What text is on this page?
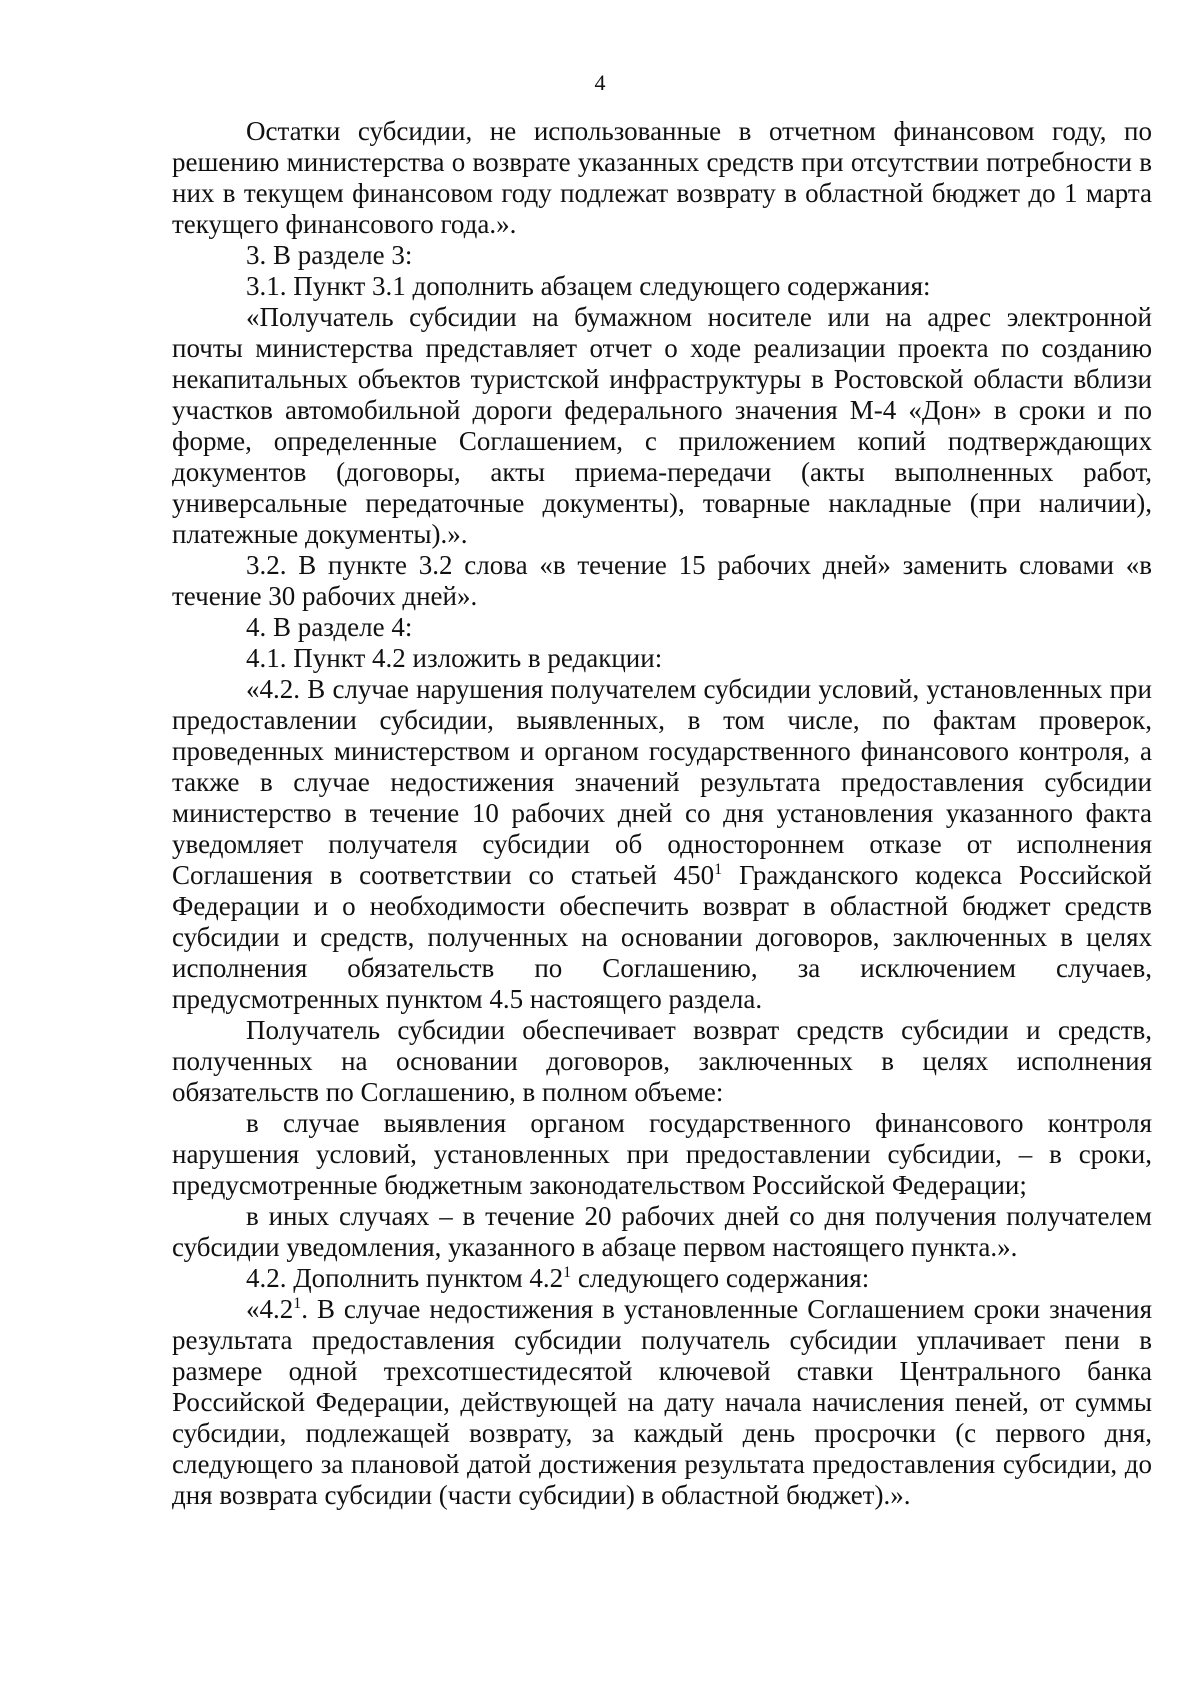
4

Остатки субсидии, не использованные в отчетном финансовом году, по решению министерства о возврате указанных средств при отсутствии потребности в них в текущем финансовом году подлежат возврату в областной бюджет до 1 марта текущего финансового года.».

3. В разделе 3:

3.1. Пункт 3.1 дополнить абзацем следующего содержания:

«Получатель субсидии на бумажном носителе или на адрес электронной почты министерства представляет отчет о ходе реализации проекта по созданию некапитальных объектов туристской инфраструктуры в Ростовской области вблизи участков автомобильной дороги федерального значения М-4 «Дон» в сроки и по форме, определенные Соглашением, с приложением копий подтверждающих документов (договоры, акты приема-передачи (акты выполненных работ, универсальные передаточные документы), товарные накладные (при наличии), платежные документы).».

3.2. В пункте 3.2 слова «в течение 15 рабочих дней» заменить словами «в течение 30 рабочих дней».

4. В разделе 4:

4.1. Пункт 4.2 изложить в редакции:

«4.2. В случае нарушения получателем субсидии условий, установленных при предоставлении субсидии, выявленных, в том числе, по фактам проверок, проведенных министерством и органом государственного финансового контроля, а также в случае недостижения значений результата предоставления субсидии министерство в течение 10 рабочих дней со дня установления указанного факта уведомляет получателя субсидии об одностороннем отказе от исполнения Соглашения в соответствии со статьей $450^1$ Гражданского кодекса Российской Федерации и о необходимости обеспечить возврат в областной бюджет средств субсидии и средств, полученных на основании договоров, заключенных в целях исполнения обязательств по Соглашению, за исключением случаев, предусмотренных пунктом 4.5 настоящего раздела.

Получатель субсидии обеспечивает возврат средств субсидии и средств, полученных на основании договоров, заключенных в целях исполнения обязательств по Соглашению, в полном объеме:

в случае выявления органом государственного финансового контроля нарушения условий, установленных при предоставлении субсидии, – в сроки, предусмотренные бюджетным законодательством Российской Федерации;

в иных случаях – в течение 20 рабочих дней со дня получения получателем субсидии уведомления, указанного в абзаце первом настоящего пункта.».

4.2. Дополнить пунктом $4.2^1$ следующего содержания:

«$4.2^1$. В случае недостижения в установленные Соглашением сроки значения результата предоставления субсидии получатель субсидии уплачивает пени в размере одной трехсотшестидесятой ключевой ставки Центрального банка Российской Федерации, действующей на дату начала начисления пеней, от суммы субсидии, подлежащей возврату, за каждый день просрочки (с первого дня, следующего за плановой датой достижения результата предоставления субсидии, до дня возврата субсидии (части субсидии) в областной бюджет).».
